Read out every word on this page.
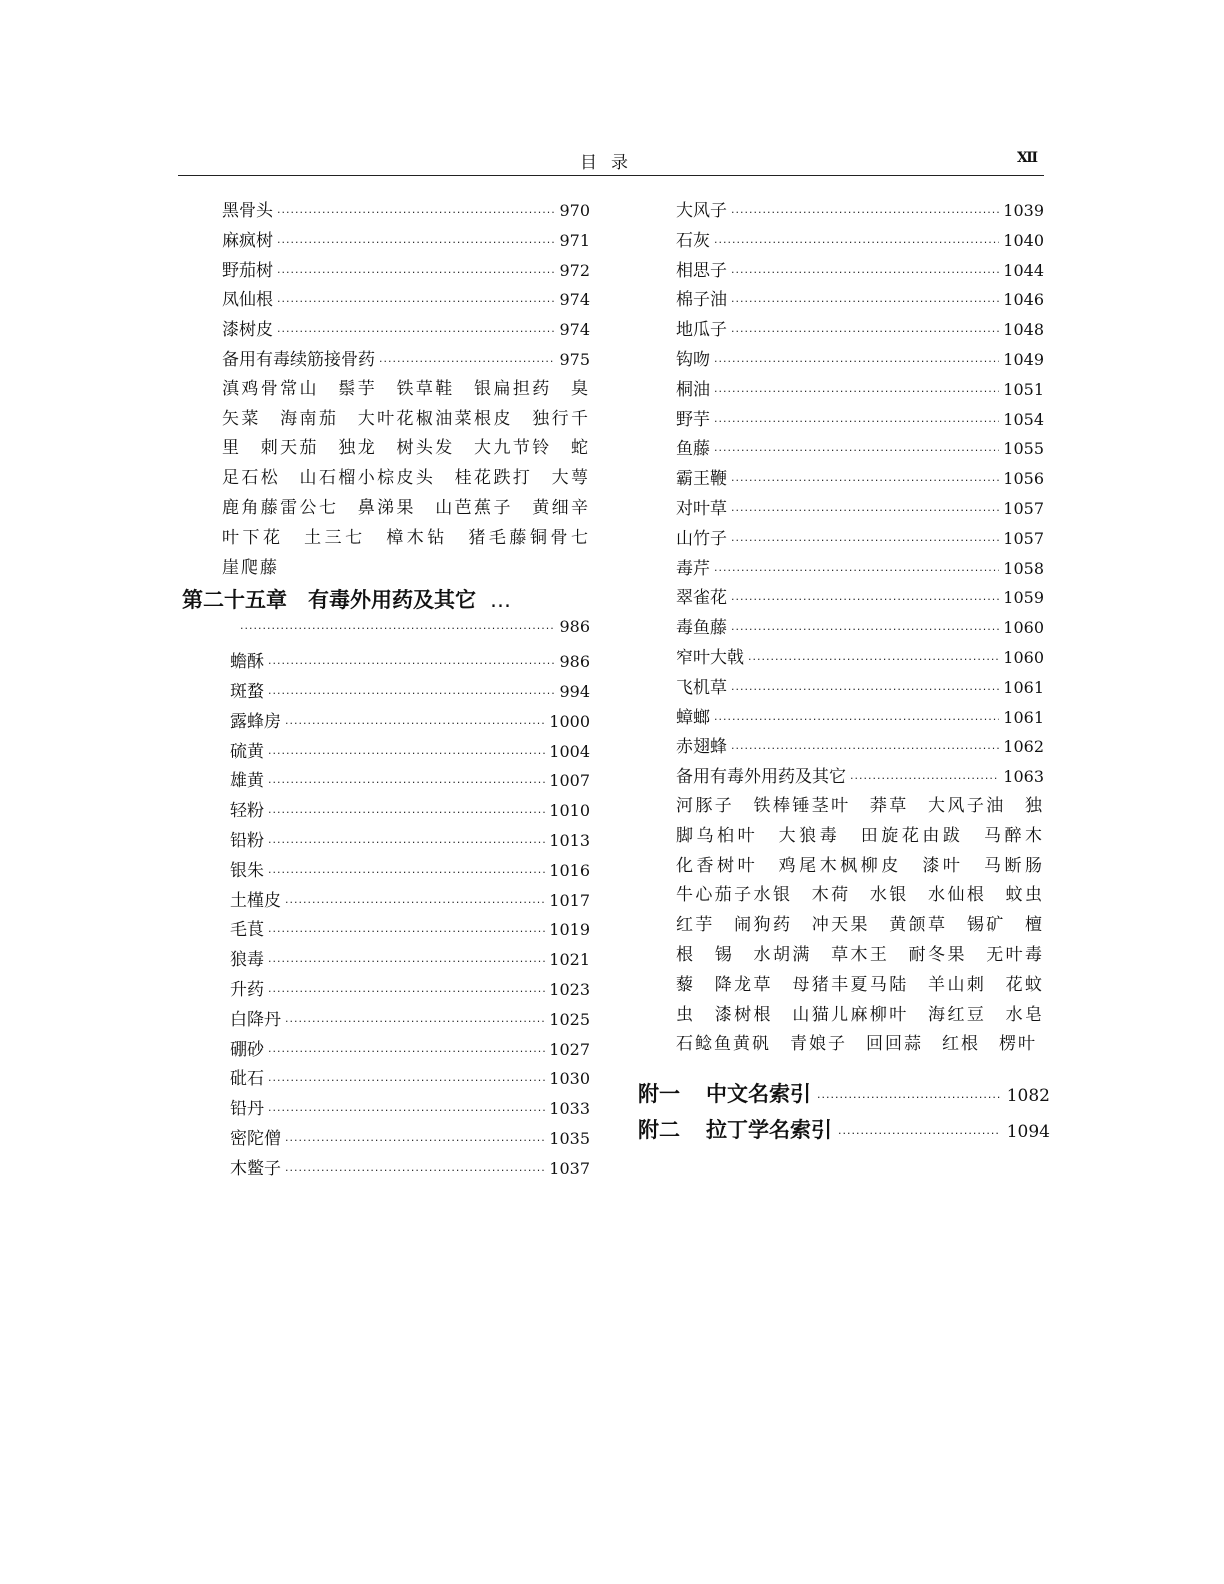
目录	Ⅻ
黑骨头 ·····	970
麻疯树 ·····	971
野茄树 ·····	972
凤仙根 ·····	974
漆树皮 ·····	974
备用有毒续筋接骨药 ·····	975
滇鸡骨常山　鬃芋　铁草鞋　银扁担药　臭矢菜　海南茄　大叶花椒油菜根皮　独行千里　刺天茄　独龙　树头发　大九节铃　蛇足石松　山石榴小棕皮头　桂花跌打　大萼鹿角藤雷公七　鼻涕果　山芭蕉子　黄细辛叶下花　土三七　樟木钻　猪毛藤铜骨七　崖爬藤
第二十五章　有毒外用药及其它 …
·····
986
蟾酥 ·····	986
斑蝥 ·····	994
露蜂房 ·····	1000
硫黄 ·····	1004
雄黄 ·····	1007
轻粉 ·····	1010
铅粉 ·····	1013
银朱 ·····	1016
土槿皮 ·····	1017
毛茛 ·····	1019
狼毒 ·····	1021
升药 ·····	1023
白降丹 ·····	1025
硼砂 ·····	1027
砒石 ·····	1030
铅丹 ·····	1033
密陀僧 ·····	1035
木鳖子 ·····	1037
大风子 ·····	1039
石灰 ·····	1040
相思子 ·····	1044
棉子油 ·····	1046
地瓜子 ·····	1048
钩吻 ·····	1049
桐油 ·····	1051
野芋 ·····	1054
鱼藤 ·····	1055
霸王鞭 ·····	1056
对叶草 ·····	1057
山竹子 ·····	1057
毒芹 ·····	1058
翠雀花 ·····	1059
毒鱼藤 ·····	1060
窄叶大戟 ·····	1060
飞机草 ·····	1061
蟑螂 ·····	1061
赤翅蜂 ·····	1062
备用有毒外用药及其它 ·····	1063
河豚子　铁棒锤茎叶　莽草　大风子油　独脚乌桕叶　大狼毒　田旋花由跋　马醉木　化香树叶　鸡尾木枫柳皮　漆叶　马断肠　牛心茄子水银　木荷　水银　水仙根　蚊虫红芋　闹狗药　冲天果　黄颌草　锡矿　檀根　锡　水胡满　草木王　耐冬果　无叶毒藜　降龙草　母猪丰夏马陆　羊山刺　花蚊虫　漆树根　山猫儿麻柳叶　海红豆　水皂　石鲶鱼黄矾　青娘子　回回蒜　红根　楞叶
附一 中文名索引 ·····	1082
附二 拉丁学名索引 ·····	1094
